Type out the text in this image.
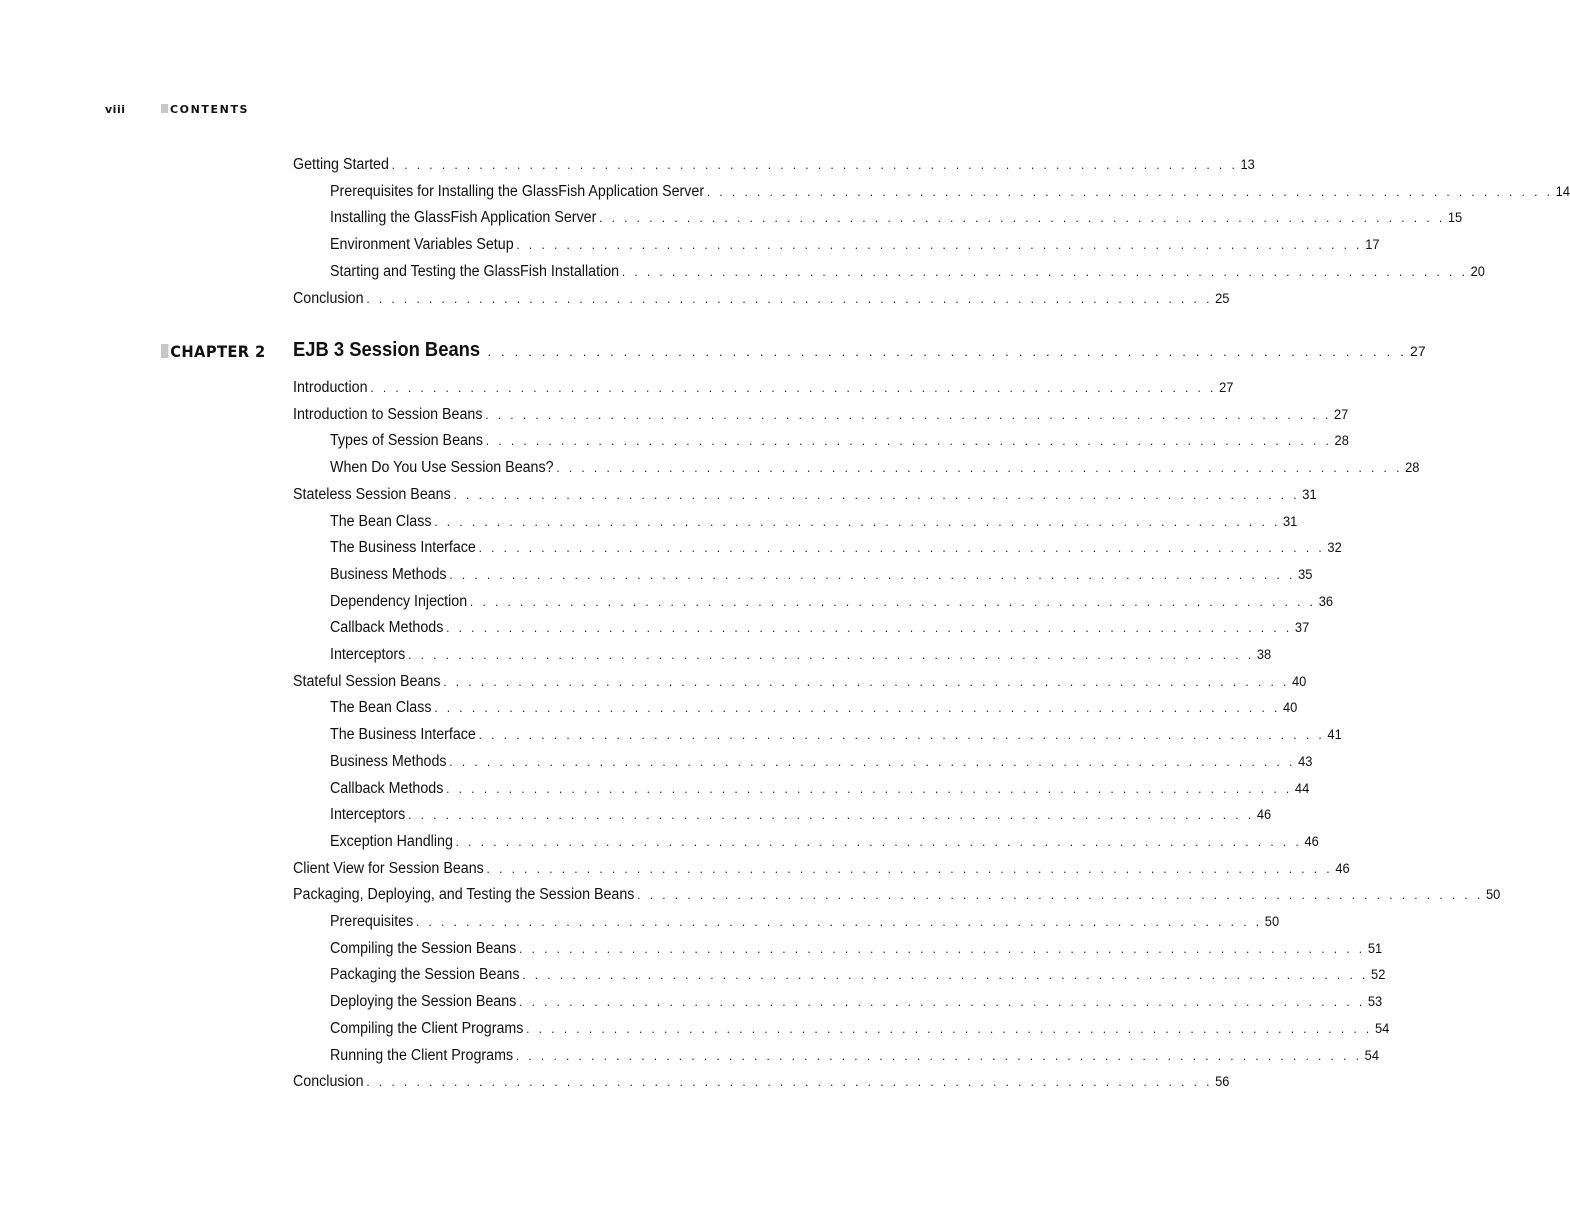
viii	CONTENTS
Getting Started . . . . . . . . . . . . . . . . . . . . . . . . . . . . . . . . . . . . . . . . . . . . . . . . . . . . . . . . . . . . . . . . . . . . 13
Prerequisites for Installing the GlassFish Application Server . . . . . . . . . . . . . . . . . . . . . . . . . . . . . . . . . . . . . . . . . . . . . . . . . . . . . . . . . . . . . . . . . . . . 14
Installing the GlassFish Application Server . . . . . . . . . . . . . . . . . . . . . . . . . . . . . . . . . . . . . . . . . . . . . . . . . . . . . . . . . . . . . . . . . . . . 15
Environment Variables Setup . . . . . . . . . . . . . . . . . . . . . . . . . . . . . . . . . . . . . . . . . . . . . . . . . . . . . . . . . . . . . . . . . . . . 17
Starting and Testing the GlassFish Installation . . . . . . . . . . . . . . . . . . . . . . . . . . . . . . . . . . . . . . . . . . . . . . . . . . . . . . . . . . . . . . . . . . . . 20
Conclusion . . . . . . . . . . . . . . . . . . . . . . . . . . . . . . . . . . . . . . . . . . . . . . . . . . . . . . . . . . . . . . . . . . . . 25
CHAPTER 2 EJB 3 Session Beans . . . . . . . . . . . . . . . . . . . . . . . . . . . . . . . . . . . . . . . . . . . . . . . . . . . . . . . . . . . . . . . . . . . . 27
Introduction . . . . . . . . . . . . . . . . . . . . . . . . . . . . . . . . . . . . . . . . . . . . . . . . . . . . . . . . . . . . . . . . . . . . 27
Introduction to Session Beans . . . . . . . . . . . . . . . . . . . . . . . . . . . . . . . . . . . . . . . . . . . . . . . . . . . . . . . . . . . . . . . . . . . . 27
Types of Session Beans . . . . . . . . . . . . . . . . . . . . . . . . . . . . . . . . . . . . . . . . . . . . . . . . . . . . . . . . . . . . . . . . . . . . 28
When Do You Use Session Beans? . . . . . . . . . . . . . . . . . . . . . . . . . . . . . . . . . . . . . . . . . . . . . . . . . . . . . . . . . . . . . . . . . . . . 28
Stateless Session Beans . . . . . . . . . . . . . . . . . . . . . . . . . . . . . . . . . . . . . . . . . . . . . . . . . . . . . . . . . . . . . . . . . . . . 31
The Bean Class . . . . . . . . . . . . . . . . . . . . . . . . . . . . . . . . . . . . . . . . . . . . . . . . . . . . . . . . . . . . . . . . . . . . 31
The Business Interface . . . . . . . . . . . . . . . . . . . . . . . . . . . . . . . . . . . . . . . . . . . . . . . . . . . . . . . . . . . . . . . . . . . . 32
Business Methods . . . . . . . . . . . . . . . . . . . . . . . . . . . . . . . . . . . . . . . . . . . . . . . . . . . . . . . . . . . . . . . . . . . . 35
Dependency Injection . . . . . . . . . . . . . . . . . . . . . . . . . . . . . . . . . . . . . . . . . . . . . . . . . . . . . . . . . . . . . . . . . . . . 36
Callback Methods . . . . . . . . . . . . . . . . . . . . . . . . . . . . . . . . . . . . . . . . . . . . . . . . . . . . . . . . . . . . . . . . . . . . 37
Interceptors . . . . . . . . . . . . . . . . . . . . . . . . . . . . . . . . . . . . . . . . . . . . . . . . . . . . . . . . . . . . . . . . . . . . 38
Stateful Session Beans . . . . . . . . . . . . . . . . . . . . . . . . . . . . . . . . . . . . . . . . . . . . . . . . . . . . . . . . . . . . . . . . . . . . 40
The Bean Class . . . . . . . . . . . . . . . . . . . . . . . . . . . . . . . . . . . . . . . . . . . . . . . . . . . . . . . . . . . . . . . . . . . . 40
The Business Interface . . . . . . . . . . . . . . . . . . . . . . . . . . . . . . . . . . . . . . . . . . . . . . . . . . . . . . . . . . . . . . . . . . . . 41
Business Methods . . . . . . . . . . . . . . . . . . . . . . . . . . . . . . . . . . . . . . . . . . . . . . . . . . . . . . . . . . . . . . . . . . . . 43
Callback Methods . . . . . . . . . . . . . . . . . . . . . . . . . . . . . . . . . . . . . . . . . . . . . . . . . . . . . . . . . . . . . . . . . . . . 44
Interceptors . . . . . . . . . . . . . . . . . . . . . . . . . . . . . . . . . . . . . . . . . . . . . . . . . . . . . . . . . . . . . . . . . . . . 46
Exception Handling . . . . . . . . . . . . . . . . . . . . . . . . . . . . . . . . . . . . . . . . . . . . . . . . . . . . . . . . . . . . . . . . . . . . 46
Client View for Session Beans . . . . . . . . . . . . . . . . . . . . . . . . . . . . . . . . . . . . . . . . . . . . . . . . . . . . . . . . . . . . . . . . . . . . 46
Packaging, Deploying, and Testing the Session Beans . . . . . . . . . . . . . . . . . . . . . . . . . . . . . . . . . . . . . . . . . . . . . . . . . . . . . . . . . . . . . . . . . . . . 50
Prerequisites . . . . . . . . . . . . . . . . . . . . . . . . . . . . . . . . . . . . . . . . . . . . . . . . . . . . . . . . . . . . . . . . . . . . 50
Compiling the Session Beans . . . . . . . . . . . . . . . . . . . . . . . . . . . . . . . . . . . . . . . . . . . . . . . . . . . . . . . . . . . . . . . . . . . . 51
Packaging the Session Beans . . . . . . . . . . . . . . . . . . . . . . . . . . . . . . . . . . . . . . . . . . . . . . . . . . . . . . . . . . . . . . . . . . . . 52
Deploying the Session Beans . . . . . . . . . . . . . . . . . . . . . . . . . . . . . . . . . . . . . . . . . . . . . . . . . . . . . . . . . . . . . . . . . . . . 53
Compiling the Client Programs . . . . . . . . . . . . . . . . . . . . . . . . . . . . . . . . . . . . . . . . . . . . . . . . . . . . . . . . . . . . . . . . . . . . 54
Running the Client Programs . . . . . . . . . . . . . . . . . . . . . . . . . . . . . . . . . . . . . . . . . . . . . . . . . . . . . . . . . . . . . . . . . . . . 54
Conclusion . . . . . . . . . . . . . . . . . . . . . . . . . . . . . . . . . . . . . . . . . . . . . . . . . . . . . . . . . . . . . . . . . . . . 56
